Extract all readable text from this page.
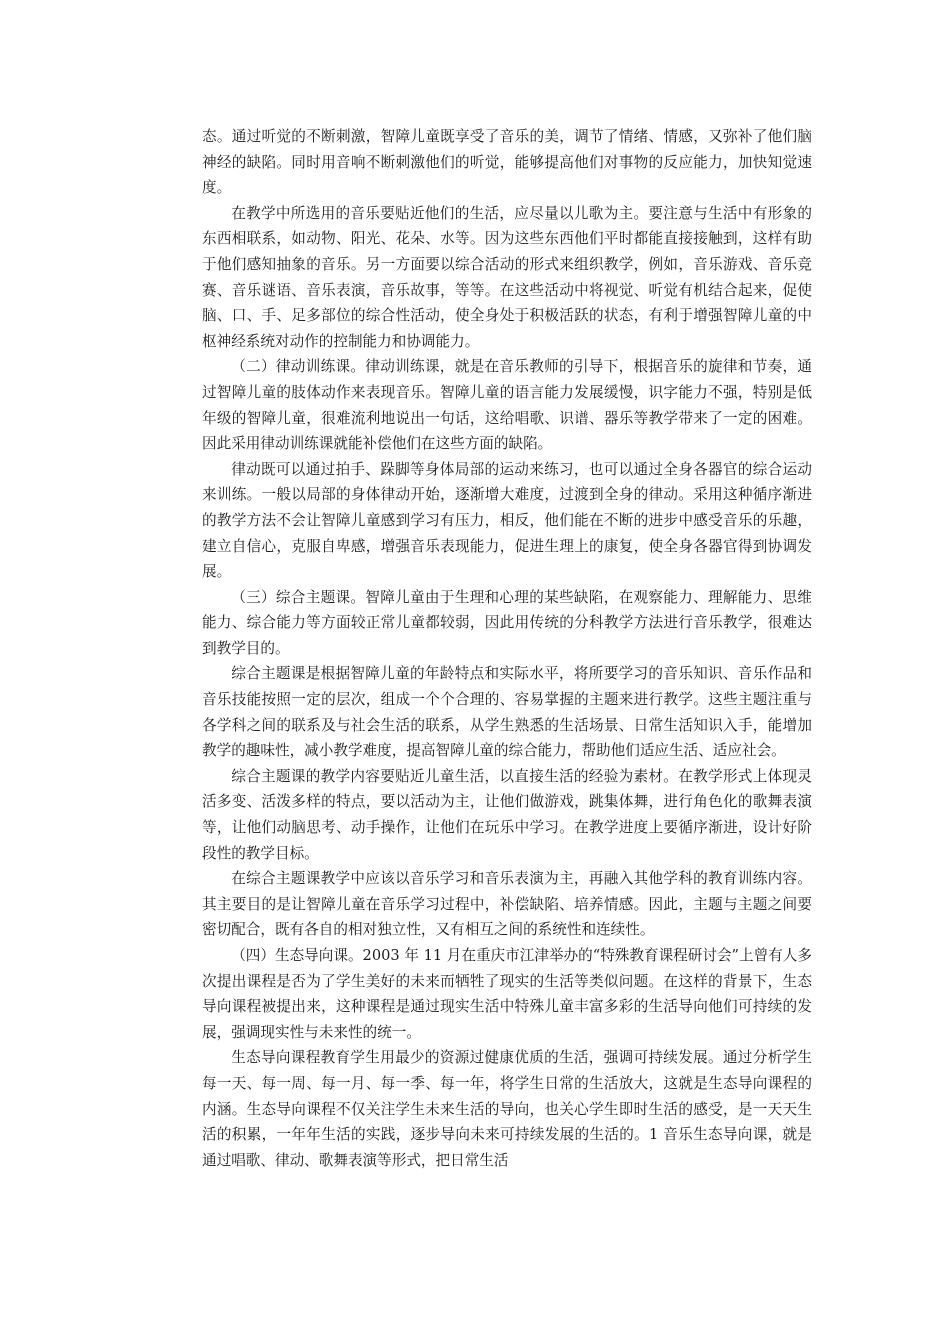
态。通过听觉的不断刺激，智障儿童既享受了音乐的美，调节了情绪、情感，又弥补了他们脑神经的缺陷。同时用音响不断刺激他们的听觉，能够提高他们对事物的反应能力，加快知觉速度。

在教学中所选用的音乐要贴近他们的生活，应尽量以儿歌为主。要注意与生活中有形象的东西相联系，如动物、阳光、花朵、水等。因为这些东西他们平时都能直接接触到，这样有助于他们感知抽象的音乐。另一方面要以综合活动的形式来组织教学，例如，音乐游戏、音乐竞赛、音乐谜语、音乐表演，音乐故事，等等。在这些活动中将视觉、听觉有机结合起来，促使脑、口、手、足多部位的综合性活动，使全身处于积极活跃的状态，有利于增强智障儿童的中枢神经系统对动作的控制能力和协调能力。

（二）律动训练课。律动训练课，就是在音乐教师的引导下，根据音乐的旋律和节奏，通过智障儿童的肢体动作来表现音乐。智障儿童的语言能力发展缓慢，识字能力不强，特别是低年级的智障儿童，很难流利地说出一句话，这给唱歌、识谱、器乐等教学带来了一定的困难。因此采用律动训练课就能补偿他们在这些方面的缺陷。

律动既可以通过拍手、跺脚等身体局部的运动来练习，也可以通过全身各器官的综合运动来训练。一般以局部的身体律动开始，逐渐增大难度，过渡到全身的律动。采用这种循序渐进的教学方法不会让智障儿童感到学习有压力，相反，他们能在不断的进步中感受音乐的乐趣，建立自信心，克服自卑感，增强音乐表现能力，促进生理上的康复，使全身各器官得到协调发展。

（三）综合主题课。智障儿童由于生理和心理的某些缺陷，在观察能力、理解能力、思维能力、综合能力等方面较正常儿童都较弱，因此用传统的分科教学方法进行音乐教学，很难达到教学目的。

综合主题课是根据智障儿童的年龄特点和实际水平，将所要学习的音乐知识、音乐作品和音乐技能按照一定的层次，组成一个个合理的、容易掌握的主题来进行教学。这些主题注重与各学科之间的联系及与社会生活的联系，从学生熟悉的生活场景、日常生活知识入手，能增加教学的趣味性，减小教学难度，提高智障儿童的综合能力，帮助他们适应生活、适应社会。

综合主题课的教学内容要贴近儿童生活，以直接生活的经验为素材。在教学形式上体现灵活多变、活泼多样的特点，要以活动为主，让他们做游戏，跳集体舞，进行角色化的歌舞表演等，让他们动脑思考、动手操作，让他们在玩乐中学习。在教学进度上要循序渐进，设计好阶段性的教学目标。

在综合主题课教学中应该以音乐学习和音乐表演为主，再融入其他学科的教育训练内容。其主要目的是让智障儿童在音乐学习过程中，补偿缺陷、培养情感。因此，主题与主题之间要密切配合，既有各自的相对独立性，又有相互之间的系统性和连续性。

（四）生态导向课。2003 年 11 月在重庆市江津举办的“特殊教育课程研讨会”上曾有人多次提出课程是否为了学生美好的未来而牺牲了现实的生活等类似问题。在这样的背景下，生态导向课程被提出来，这种课程是通过现实生活中特殊儿童丰富多彩的生活导向他们可持续的发展，强调现实性与未来性的统一。

生态导向课程教育学生用最少的资源过健康优质的生活，强调可持续发展。通过分析学生每一天、每一周、每一月、每一季、每一年，将学生日常的生活放大，这就是生态导向课程的内涵。生态导向课程不仅关注学生未来生活的导向，也关心学生即时生活的感受，是一天天生活的积累，一年年生活的实践，逐步导向未来可持续发展的生活的。1 音乐生态导向课，就是通过唱歌、律动、歌舞表演等形式，把日常生活
